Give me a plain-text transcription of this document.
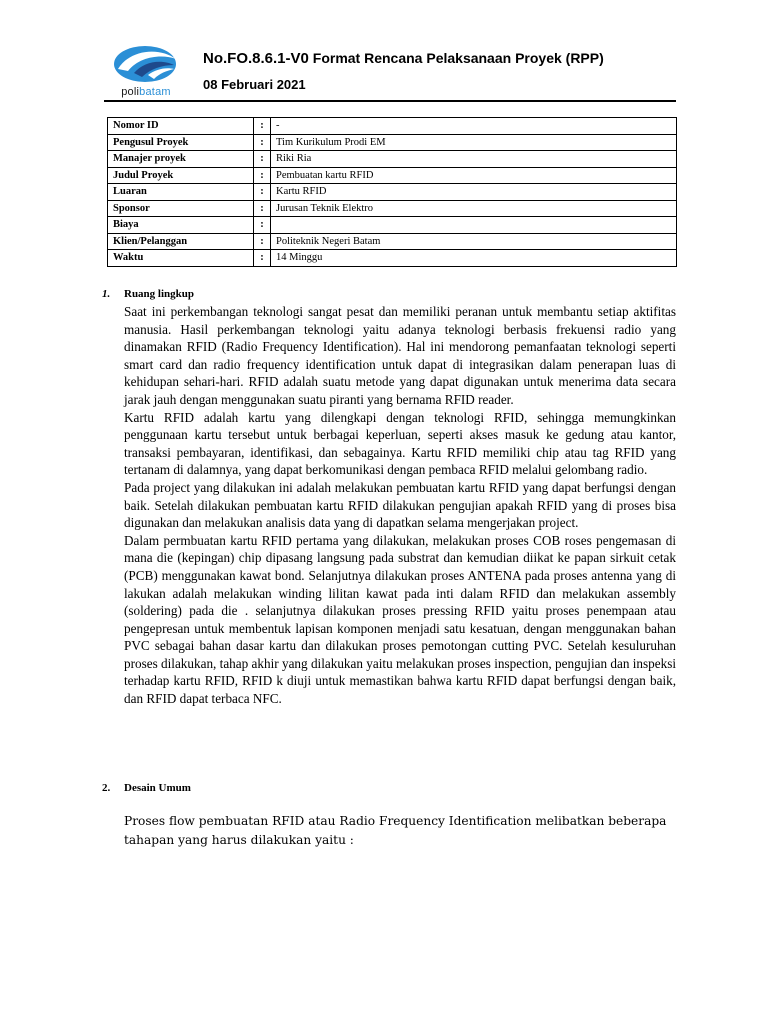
polibatam
No.FO.8.6.1-V0 Format Rencana Pelaksanaan Proyek (RPP)
08 Februari 2021
Nomor ID	:	-
Pengusul Proyek	:	Tim Kurikulum Prodi EM
Manajer proyek	:	Riki Ria
Judul Proyek	:	Pembuatan kartu RFID
Luaran	:	Kartu RFID
Sponsor	:	Jurusan Teknik Elektro
Biaya	:	
Klien/Pelanggan	:	Politeknik Negeri Batam
Waktu	:	14 Minggu
1. Ruang lingkup

Saat ini perkembangan teknologi sangat pesat dan memiliki peranan untuk membantu setiap aktifitas manusia. Hasil perkembangan teknologi yaitu adanya teknologi berbasis frekuensi radio yang dinamakan RFID (Radio Frequency Identification). Hal ini mendorong pemanfaatan teknologi seperti smart card dan radio frequency identification untuk dapat di integrasikan dalam penerapan luas di kehidupan sehari-hari. RFID adalah suatu metode yang dapat digunakan untuk menerima data secara jarak jauh dengan menggunakan suatu piranti yang bernama RFID reader.

Kartu RFID adalah kartu yang dilengkapi dengan teknologi RFID, sehingga memungkinkan penggunaan kartu tersebut untuk berbagai keperluan, seperti akses masuk ke gedung atau kantor, transaksi pembayaran, identifikasi, dan sebagainya. Kartu RFID memiliki chip atau tag RFID yang tertanam di dalamnya, yang dapat berkomunikasi dengan pembaca RFID melalui gelombang radio.

Pada project yang dilakukan ini adalah melakukan pembuatan kartu RFID yang dapat berfungsi dengan baik. Setelah dilakukan pembuatan kartu RFID dilakukan pengujian apakah RFID yang di proses bisa digunakan dan melakukan analisis data yang di dapatkan selama mengerjakan project.

Dalam permbuatan kartu RFID pertama yang dilakukan, melakukan proses COB roses pengemasan di mana die (kepingan) chip dipasang langsung pada substrat dan kemudian diikat ke papan sirkuit cetak (PCB) menggunakan kawat bond. Selanjutnya dilakukan proses ANTENA pada proses antenna yang di lakukan adalah melakukan winding lilitan kawat pada inti dalam RFID dan melakukan assembly (soldering) pada die . selanjutnya dilakukan proses pressing RFID yaitu proses penempaan atau pengepresan untuk membentuk lapisan komponen menjadi satu kesatuan, dengan menggunakan bahan PVC sebagai bahan dasar kartu dan dilakukan proses pemotongan cutting PVC. Setelah kesuluruhan proses dilakukan, tahap akhir yang dilakukan yaitu melakukan proses inspection, pengujian dan inspeksi terhadap kartu RFID, RFID k diuji untuk memastikan bahwa kartu RFID dapat berfungsi dengan baik, dan RFID dapat terbaca NFC.

2. Desain Umum
Proses flow pembuatan RFID atau Radio Frequency Identification melibatkan beberapa tahapan yang harus dilakukan yaitu :
